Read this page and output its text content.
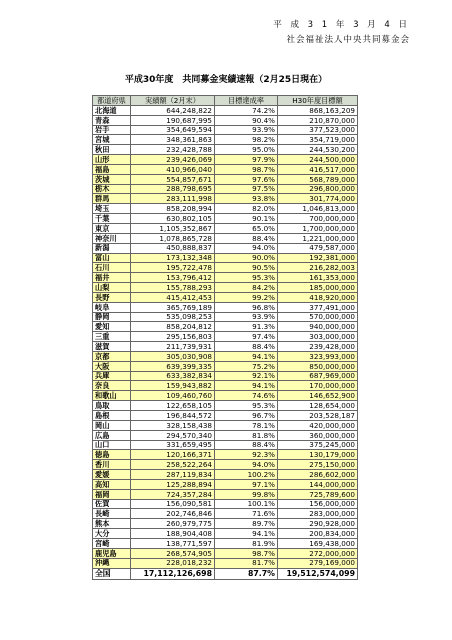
平 成 3 1 年 3 月 4 日
社会福祉法人中央共同募金会
平成30年度　共同募金実績速報（2月25日現在）
都道府県	実績額（2月末）	目標達成率	H30年度目標額
北海道	644,248,822	74.2%	868,163,209
青森	190,687,995	90.4%	210,870,000
岩手	354,649,594	93.9%	377,523,000
宮城	348,361,863	98.2%	354,719,000
秋田	232,428,788	95.0%	244,530,200
山形	239,426,069	97.9%	244,500,000
福島	410,966,040	98.7%	416,517,000
茨城	554,857,671	97.6%	568,789,000
栃木	288,798,695	97.5%	296,800,000
群馬	283,111,998	93.8%	301,774,000
埼玉	858,208,994	82.0%	1,046,813,000
千葉	630,802,105	90.1%	700,000,000
東京	1,105,352,867	65.0%	1,700,000,000
神奈川	1,078,865,728	88.4%	1,221,000,000
新潟	450,888,837	94.0%	479,587,000
富山	173,132,348	90.0%	192,381,000
石川	195,722,478	90.5%	216,282,003
福井	153,796,412	95.3%	161,353,000
山梨	155,788,293	84.2%	185,000,000
長野	415,412,453	99.2%	418,920,000
岐阜	365,769,189	96.8%	377,491,000
静岡	535,098,253	93.9%	570,000,000
愛知	858,204,812	91.3%	940,000,000
三重	295,156,803	97.4%	303,000,000
滋賀	211,739,931	88.4%	239,428,000
京都	305,030,908	94.1%	323,993,000
大阪	639,399,335	75.2%	850,000,000
兵庫	633,382,834	92.1%	687,969,000
奈良	159,943,882	94.1%	170,000,000
和歌山	109,460,760	74.6%	146,652,900
鳥取	122,658,105	95.3%	128,654,000
島根	196,844,572	96.7%	203,528,187
岡山	328,158,438	78.1%	420,000,000
広島	294,570,340	81.8%	360,000,000
山口	331,659,495	88.4%	375,245,000
徳島	120,166,371	92.3%	130,179,000
香川	258,522,264	94.0%	275,150,000
愛媛	287,119,834	100.2%	286,602,000
高知	125,288,894	97.1%	144,000,000
福岡	724,357,284	99.8%	725,789,600
佐賀	156,090,581	100.1%	156,000,000
長崎	202,746,846	71.6%	283,000,000
熊本	260,979,775	89.7%	290,928,000
大分	188,904,408	94.1%	200,834,000
宮崎	138,771,597	81.9%	169,438,000
鹿児島	268,574,905	98.7%	272,000,000
沖縄	228,018,232	81.7%	279,169,000
全国	17,112,126,698	87.7%	19,512,574,099
